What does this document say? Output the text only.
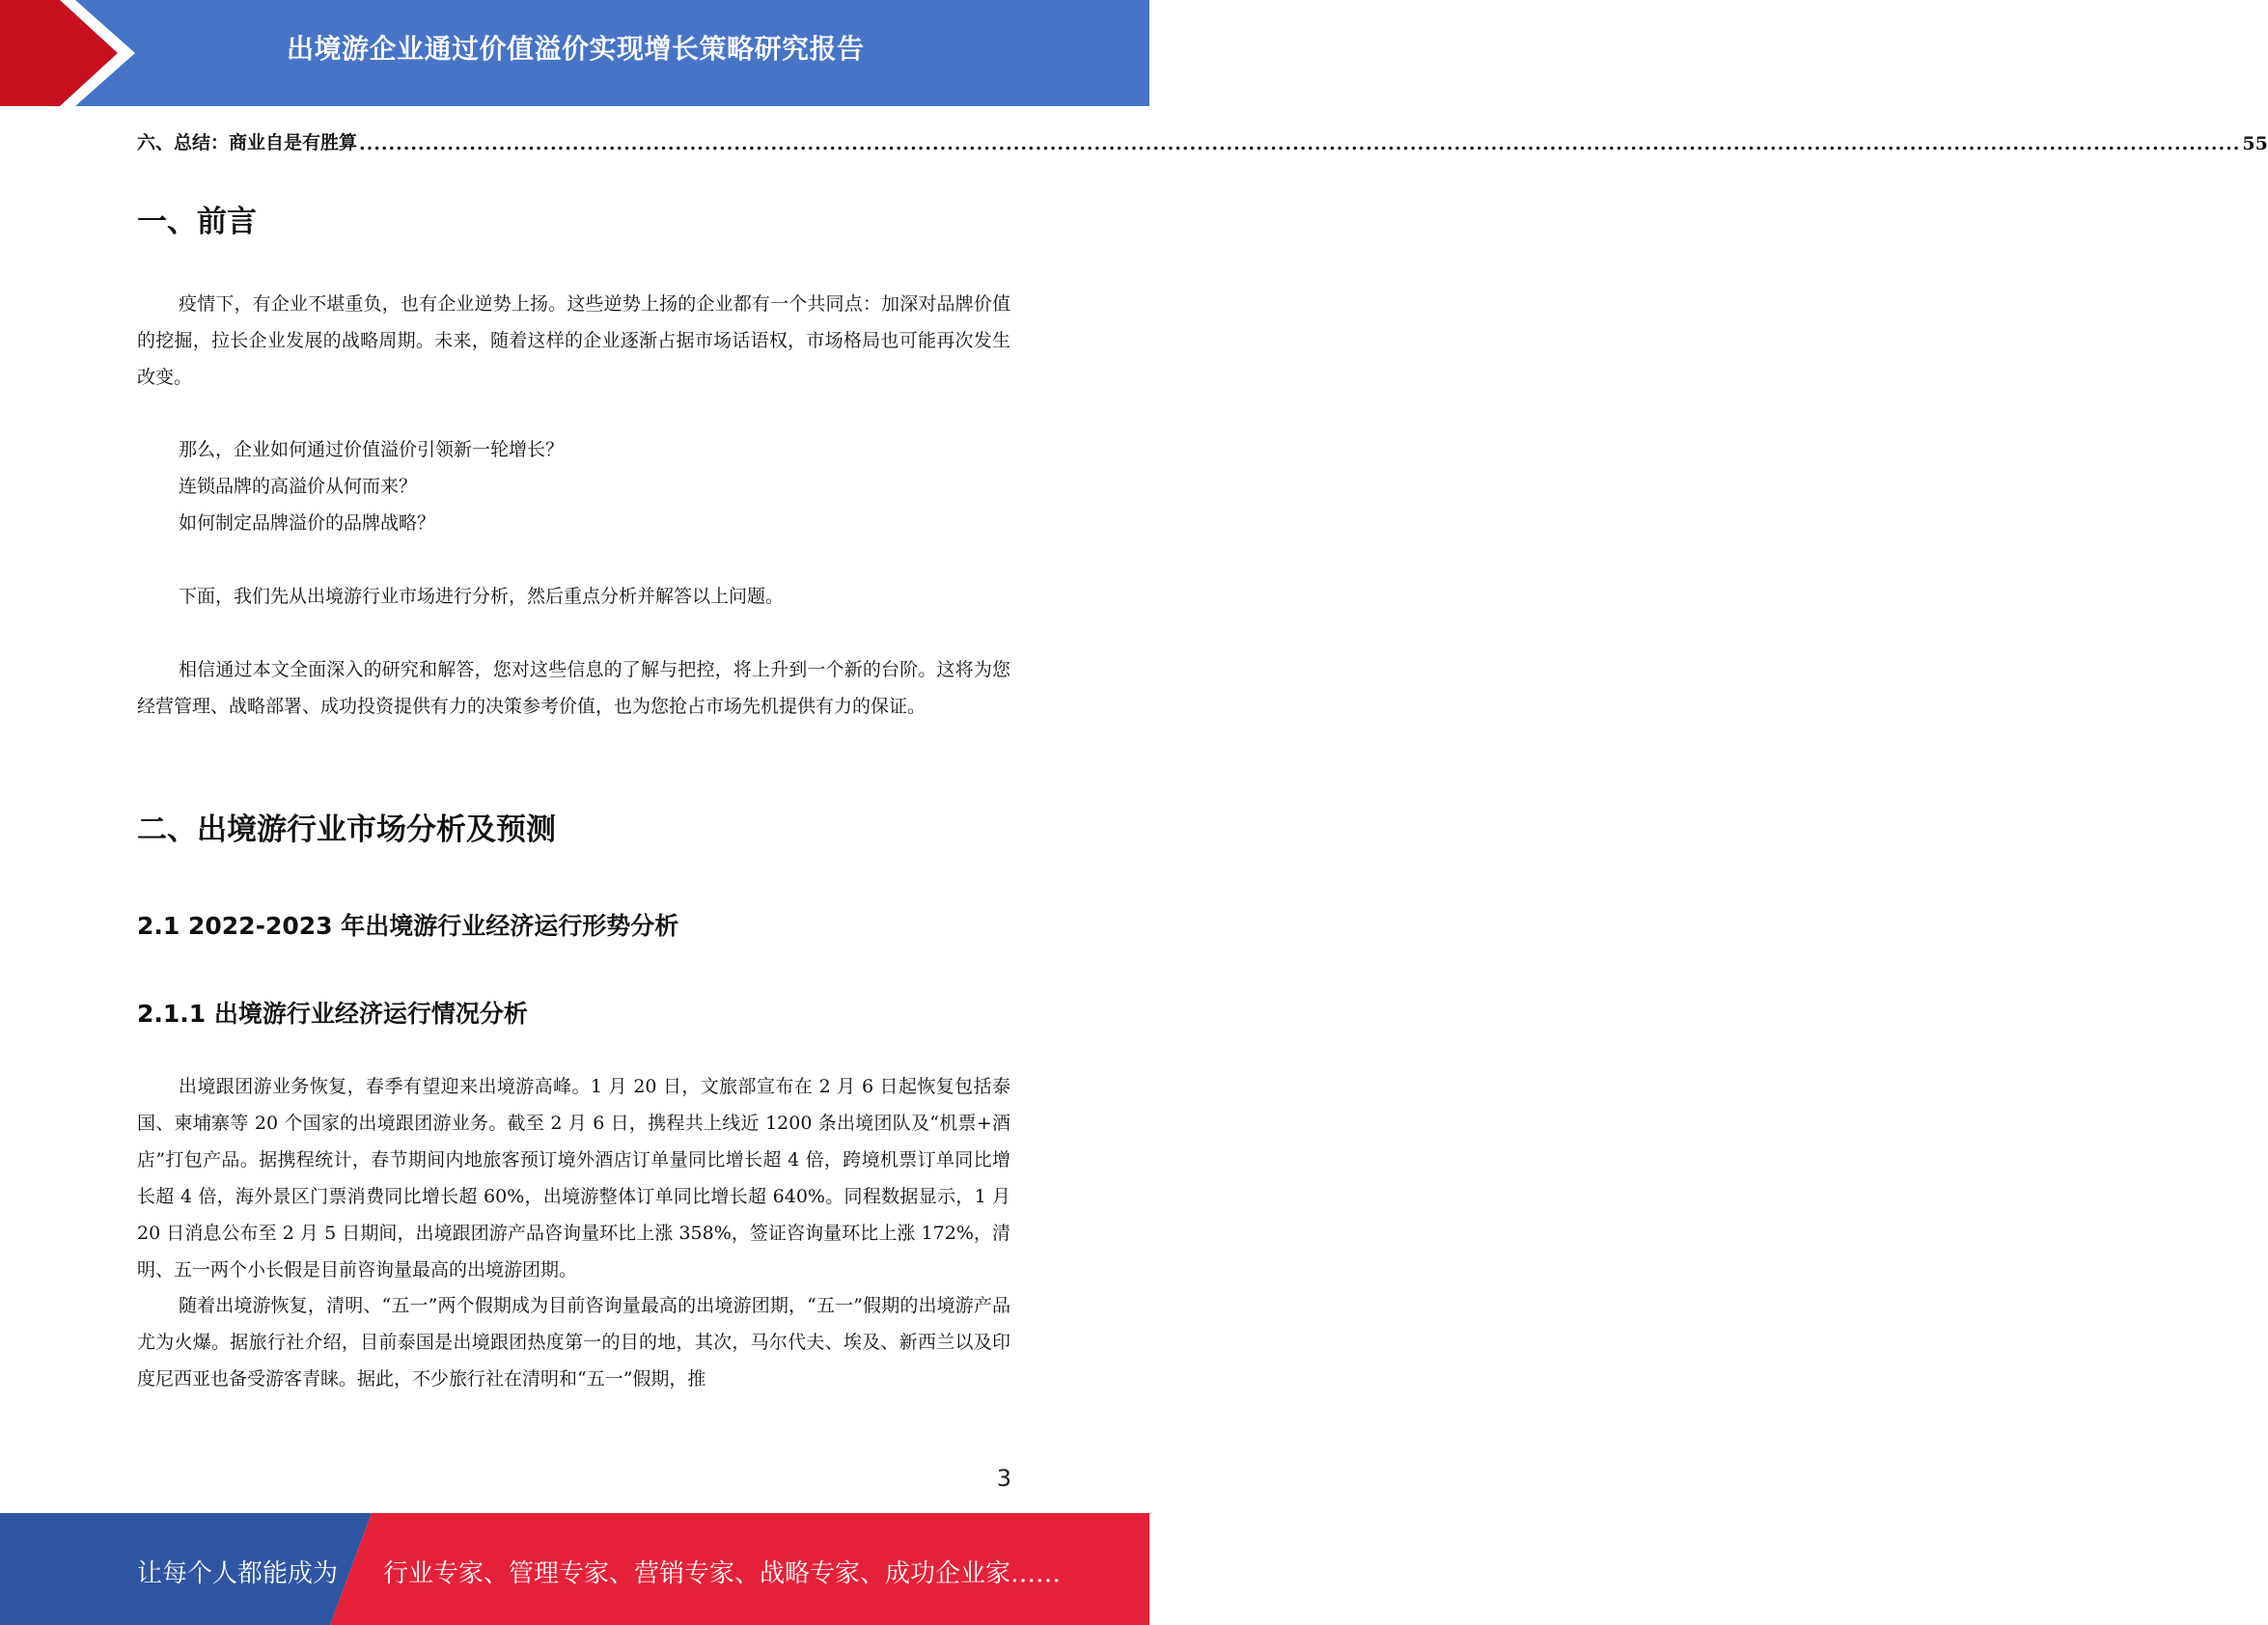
出境游企业通过价值溢价实现增长策略研究报告
六、总结：商业自是有胜算 ................................................................................................................................................................................................................................................................ 55
一、前言

疫情下，有企业不堪重负，也有企业逆势上扬。这些逆势上扬的企业都有一个共同点：加深对品牌价值的挖掘，拉长企业发展的战略周期。未来，随着这样的企业逐渐占据市场话语权，市场格局也可能再次发生改变。

那么，企业如何通过价值溢价引领新一轮增长？

连锁品牌的高溢价从何而来？

如何制定品牌溢价的品牌战略？

下面，我们先从出境游行业市场进行分析，然后重点分析并解答以上问题。

相信通过本文全面深入的研究和解答，您对这些信息的了解与把控，将上升到一个新的台阶。这将为您经营管理、战略部署、成功投资提供有力的决策参考价值，也为您抢占市场先机提供有力的保证。

二、出境游行业市场分析及预测
2.1 2022-2023 年出境游行业经济运行形势分析
2.1.1 出境游行业经济运行情况分析

出境跟团游业务恢复，春季有望迎来出境游高峰。1 月 20 日，文旅部宣布在 2 月 6 日起恢复包括泰国、柬埔寨等 20 个国家的出境跟团游业务。截至 2 月 6 日，携程共上线近 1200 条出境团队及“机票+酒店”打包产品。据携程统计，春节期间内地旅客预订境外酒店订单量同比增长超 4 倍，跨境机票订单同比增长超 4 倍，海外景区门票消费同比增长超 60%，出境游整体订单同比增长超 640%。同程数据显示，1 月 20 日消息公布至 2 月 5 日期间，出境跟团游产品咨询量环比上涨 358%，签证咨询量环比上涨 172%，清明、五一两个小长假是目前咨询量最高的出境游团期。

随着出境游恢复，清明、“五一”两个假期成为目前咨询量最高的出境游团期，“五一”假期的出境游产品尤为火爆。据旅行社介绍，目前泰国是出境跟团热度第一的目的地，其次，马尔代夫、埃及、新西兰以及印度尼西亚也备受游客青睐。据此，不少旅行社在清明和“五一”假期，推

3
让每个人都能成为 行业专家、管理专家、营销专家、战略专家、成功企业家……
